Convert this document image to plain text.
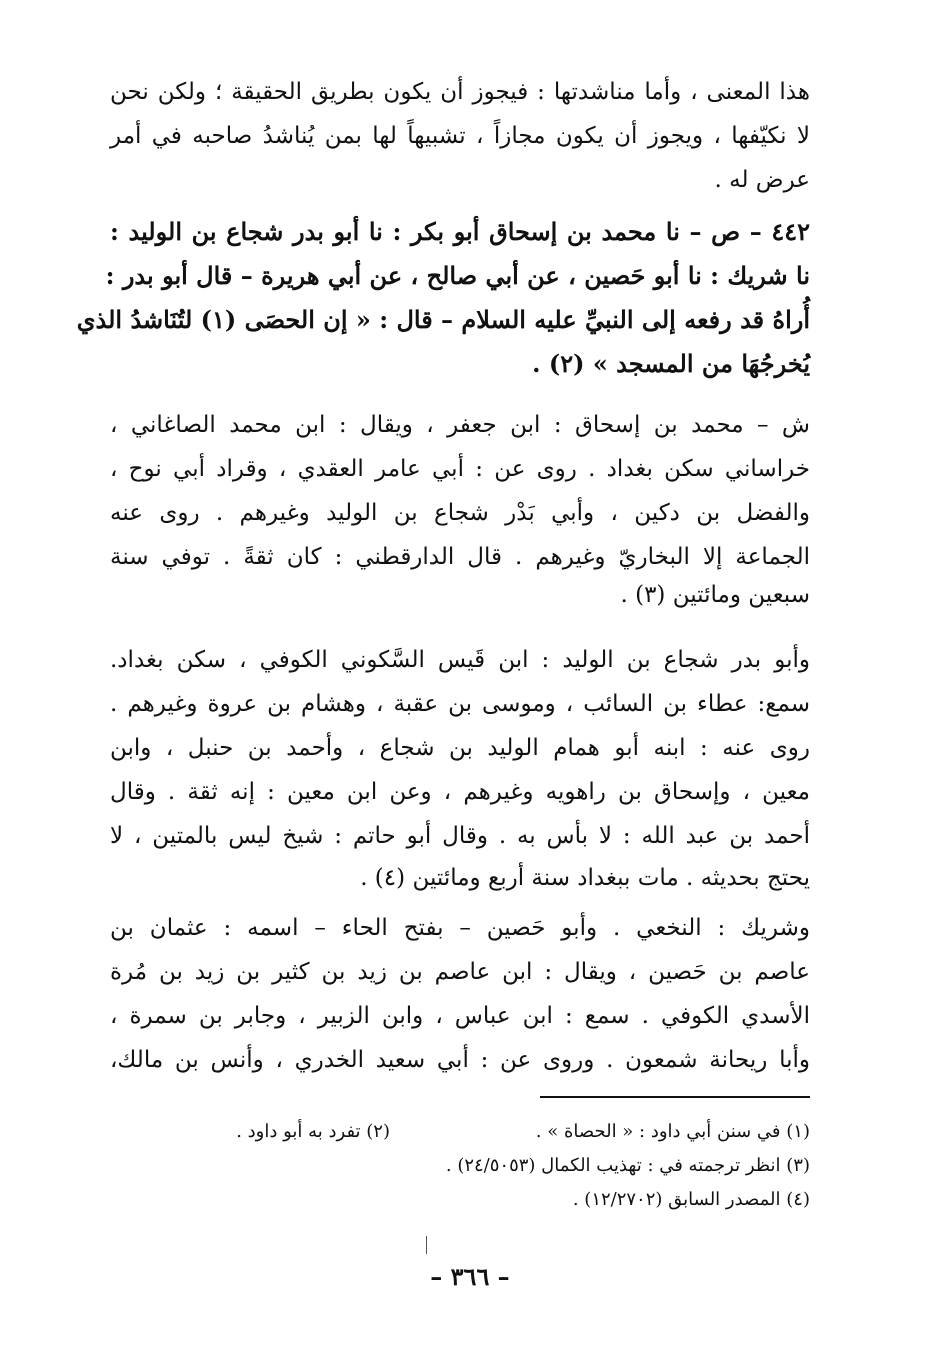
هذا المعنى ، وأما مناشدتها : فيجوز أن يكون بطريق الحقيقة ؛ ولكن نحن
لا نكيّفها ، ويجوز أن يكون مجازاً ، تشبيهاً لها بمن يُناشدُ صاحبه في أمر
عرض له .
٤٤٢ – ص – نا محمد بن إسحاق أبو بكر : نا أبو بدر شجاع بن الوليد :
نا شريك : نا أبو حَصين ، عن أبي صالح ، عن أبي هريرة – قال أبو بدر :
أُراهُ قد رفعه إلى النبيِّ عليه السلام – قال : « إن الحصَى (١) لتُنَاشدُ الذي
يُخرجُهَا من المسجد » (٢) .
ش – محمد بن إسحاق : ابن جعفر ، ويقال : ابن محمد الصاغاني ،
خراساني سكن بغداد . روى عن : أبي عامر العقدي ، وقراد أبي نوح ،
والفضل بن دكين ، وأبي بَدْر شجاع بن الوليد وغيرهم . روى عنه
الجماعة إلا البخاريّ وغيرهم . قال الدارقطني : كان ثقةً . توفي سنة
سبعين ومائتين (٣) .
وأبو بدر شجاع بن الوليد : ابن قَيس السَّكوني الكوفي ، سكن بغداد.
سمع: عطاء بن السائب ، وموسى بن عقبة ، وهشام بن عروة وغيرهم .
روى عنه : ابنه أبو همام الوليد بن شجاع ، وأحمد بن حنبل ، وابن
معين ، وإسحاق بن راهويه وغيرهم ، وعن ابن معين : إنه ثقة . وقال
أحمد بن عبد الله : لا بأس به . وقال أبو حاتم : شيخ ليس بالمتين ، لا
يحتج بحديثه . مات ببغداد سنة أربع ومائتين (٤) .
وشريك : النخعي . وأبو حَصين – بفتح الحاء – اسمه : عثمان بن
عاصم بن حَصين ، ويقال : ابن عاصم بن زيد بن كثير بن زيد بن مُرة
الأسدي الكوفي . سمع : ابن عباس ، وابن الزبير ، وجابر بن سمرة ،
وأبا ريحانة شمعون . وروى عن : أبي سعيد الخدري ، وأنس بن مالك،
(١) في سنن أبي داود : « الحصاة » .
(٢) تفرد به أبو داود .
(٣) انظر ترجمته في : تهذيب الكمال (٢٤/٥٠٥٣) .
(٤) المصدر السابق (١٢/٢٧٠٢) .
– ٣٦٦ –
